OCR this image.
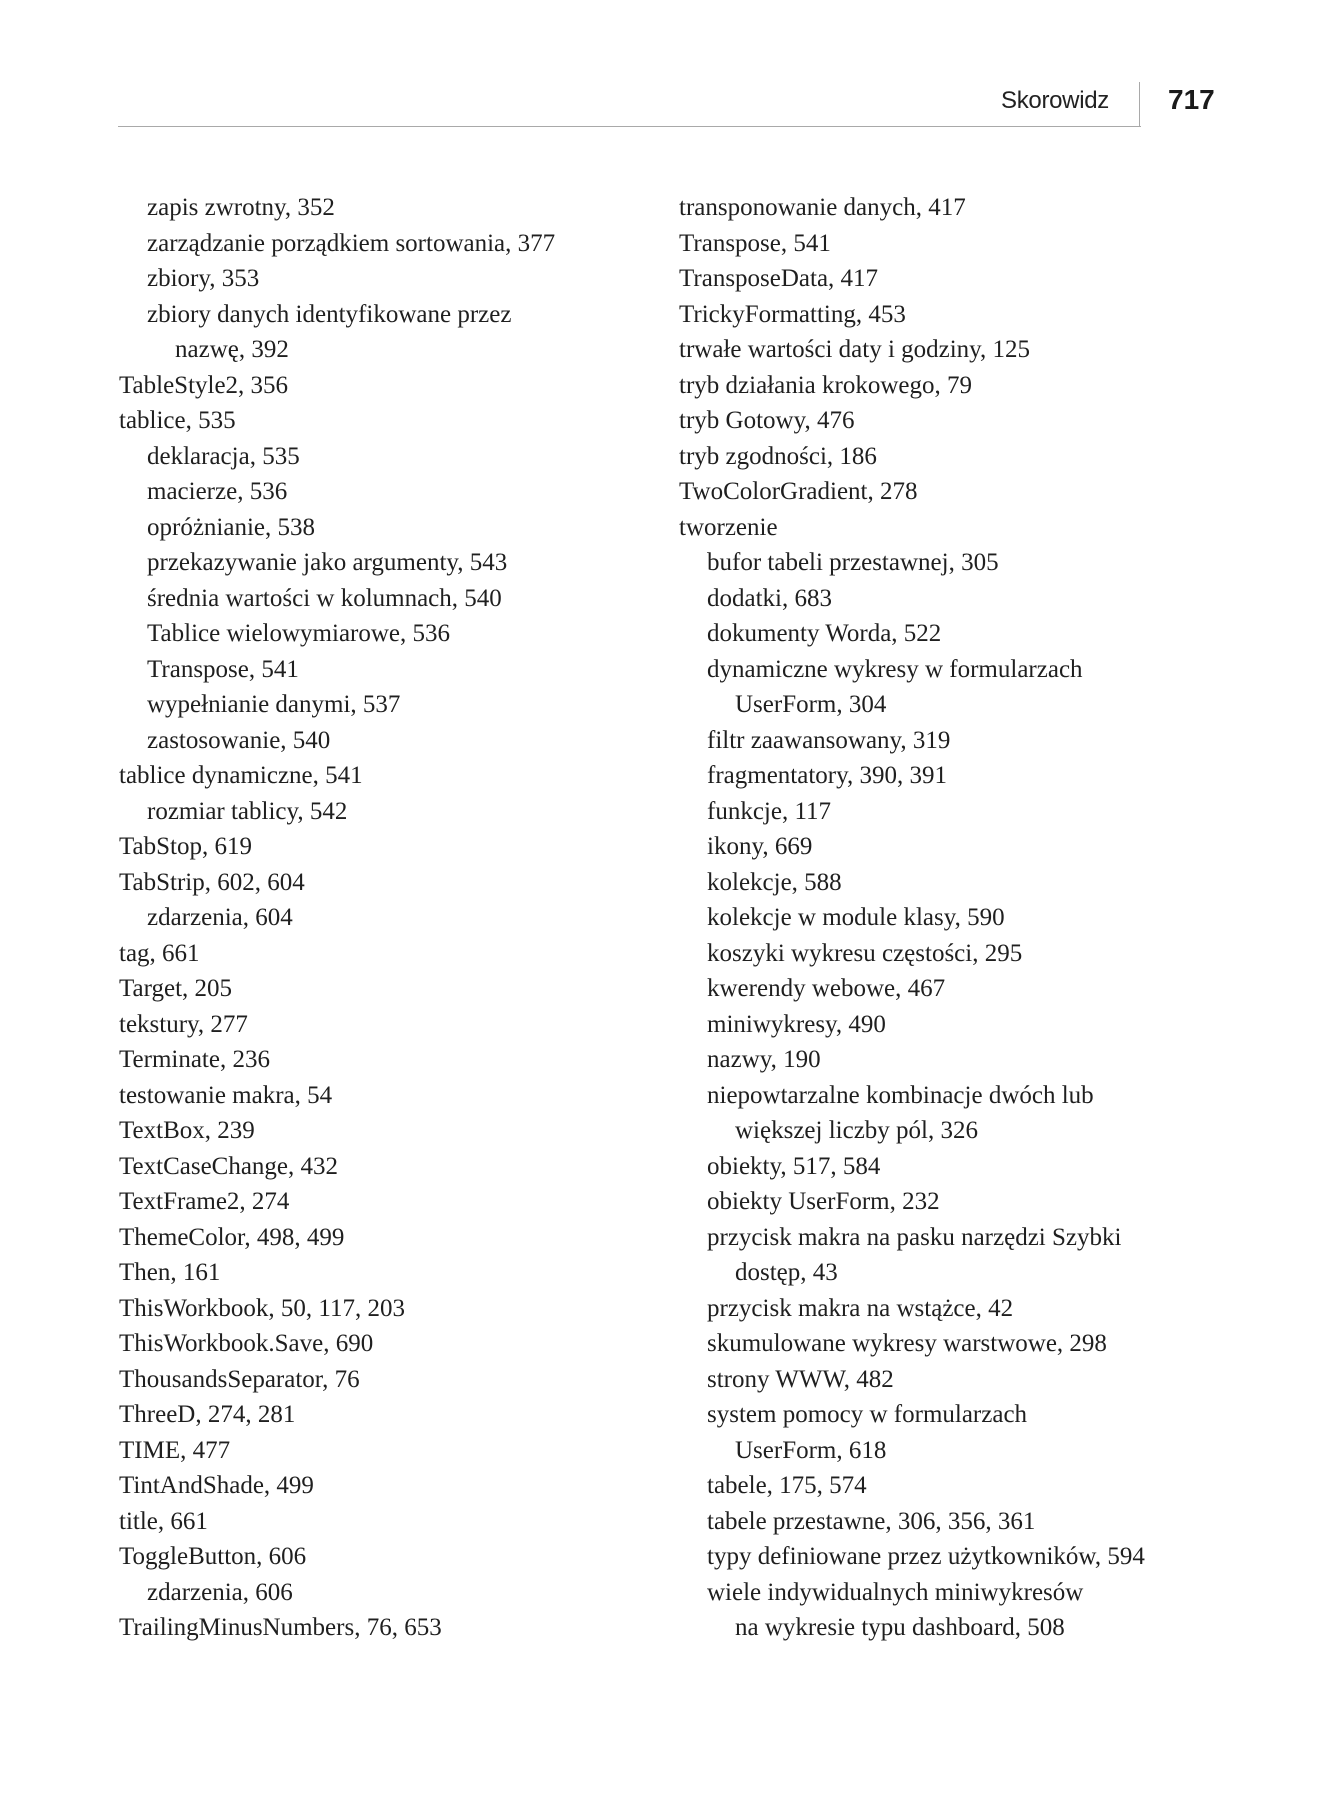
Skorowidz 717
zapis zwrotny, 352
zarządzanie porządkiem sortowania, 377
zbiory, 353
zbiory danych identyfikowane przez
nazwę, 392
TableStyle2, 356
tablice, 535
deklaracja, 535
macierze, 536
opróżnianie, 538
przekazywanie jako argumenty, 543
średnia wartości w kolumnach, 540
Tablice wielowymiarowe, 536
Transpose, 541
wypełnianie danymi, 537
zastosowanie, 540
tablice dynamiczne, 541
rozmiar tablicy, 542
TabStop, 619
TabStrip, 602, 604
zdarzenia, 604
tag, 661
Target, 205
tekstury, 277
Terminate, 236
testowanie makra, 54
TextBox, 239
TextCaseChange, 432
TextFrame2, 274
ThemeColor, 498, 499
Then, 161
ThisWorkbook, 50, 117, 203
ThisWorkbook.Save, 690
ThousandsSeparator, 76
ThreeD, 274, 281
TIME, 477
TintAndShade, 499
title, 661
ToggleButton, 606
zdarzenia, 606
TrailingMinusNumbers, 76, 653
transponowanie danych, 417
Transpose, 541
TransposeData, 417
TrickyFormatting, 453
trwałe wartości daty i godziny, 125
tryb działania krokowego, 79
tryb Gotowy, 476
tryb zgodności, 186
TwoColorGradient, 278
tworzenie
bufor tabeli przestawnej, 305
dodatki, 683
dokumenty Worda, 522
dynamiczne wykresy w formularzach
UserForm, 304
filtr zaawansowany, 319
fragmentatory, 390, 391
funkcje, 117
ikony, 669
kolekcje, 588
kolekcje w module klasy, 590
koszyki wykresu częstości, 295
kwerendy webowe, 467
miniwykresy, 490
nazwy, 190
niepowtarzalne kombinacje dwóch lub
większej liczby pól, 326
obiekty, 517, 584
obiekty UserForm, 232
przycisk makra na pasku narzędzi Szybki
dostęp, 43
przycisk makra na wstążce, 42
skumulowane wykresy warstwowe, 298
strony WWW, 482
system pomocy w formularzach
UserForm, 618
tabele, 175, 574
tabele przestawne, 306, 356, 361
typy definiowane przez użytkowników, 594
wiele indywidualnych miniwykresów
na wykresie typu dashboard, 508
